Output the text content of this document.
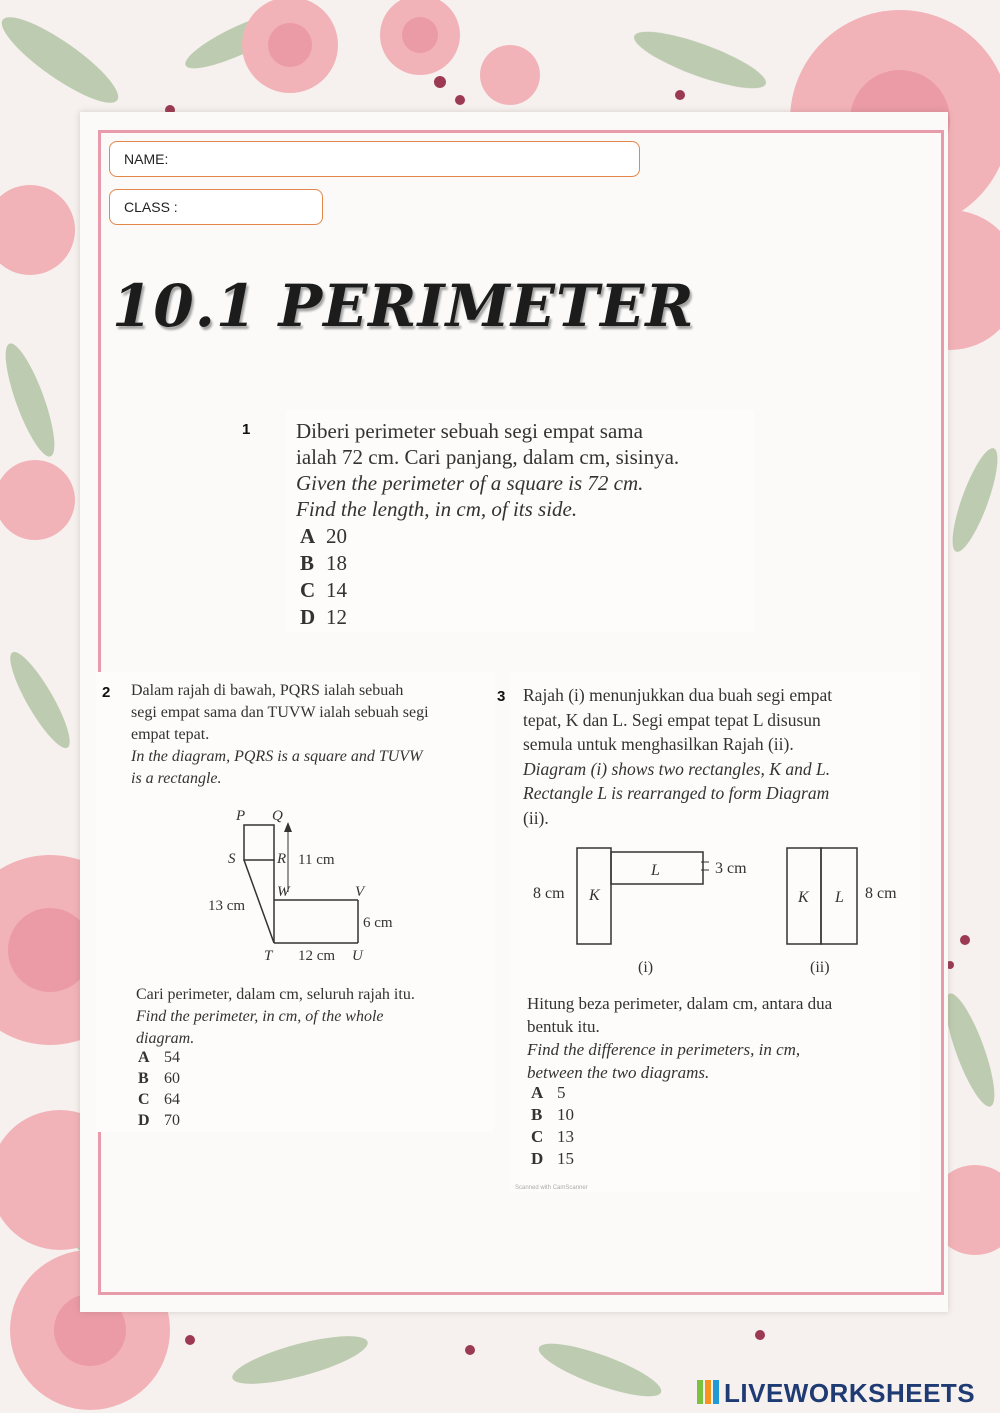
NAME:
CLASS :
10.1 PERIMETER
1 Diberi perimeter sebuah segi empat sama
ialah 72 cm. Cari panjang, dalam cm, sisinya.
Given the perimeter of a square is 72 cm.
Find the length, in cm, of its side.
A 20
B 18
C 14
D 12
2 Dalam rajah di bawah, PQRS ialah sebuah
segi empat sama dan TUVW ialah sebuah segi
empat tepat.
In the diagram, PQRS is a square and TUVW
is a rectangle.
P Q
S	R
W	V
T	U
11 cm
13 cm
6 cm
12 cm
Cari perimeter, dalam cm, seluruh rajah itu.
Find the perimeter, in cm, of the whole
diagram.
A 54
B 60
C 64
D 70
3 Rajah (i) menunjukkan dua buah segi empat
tepat, K dan L. Segi empat tepat L disusun
semula untuk menghasilkan Rajah (ii).
Diagram (i) shows two rectangles, K and L.
Rectangle L is rearranged to form Diagram
(ii).
K
L
K L
8 cm
3 cm
8 cm
(i)	(ii)
Hitung beza perimeter, dalam cm, antara dua
bentuk itu.
Find the difference in perimeters, in cm,
between the two diagrams.
A 5
B 10
C 13
D 15
Scanned with CamScanner
LIVEWORKSHEETS
